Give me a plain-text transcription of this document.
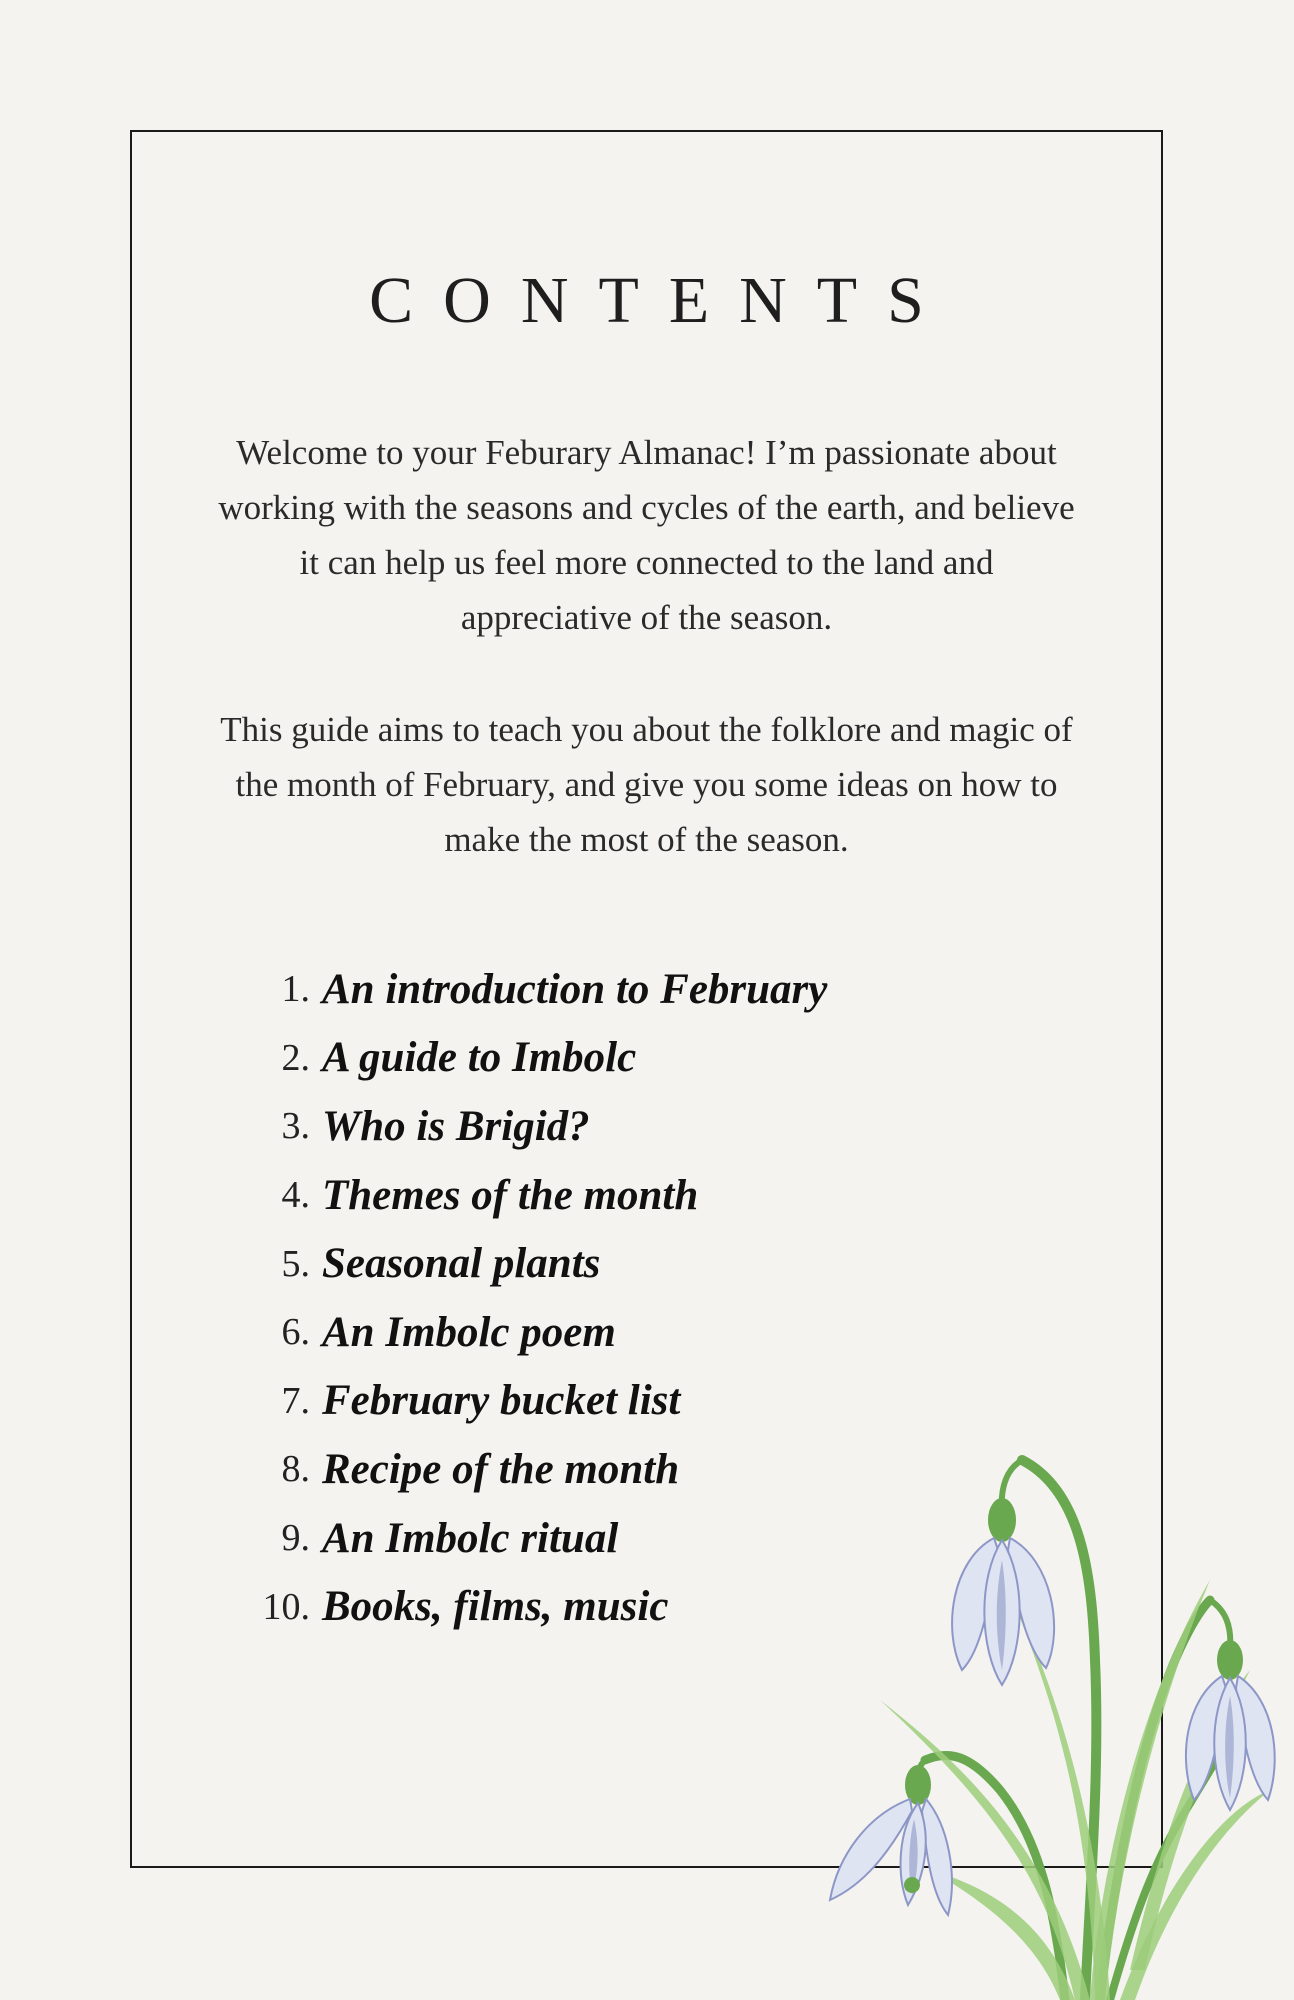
CONTENTS

Welcome to your Feburary Almanac! I’m passionate about working with the seasons and cycles of the earth, and believe it can help us feel more connected to the land and appreciative of the season.

This guide aims to teach you about the folklore and magic of the month of February, and give you some ideas on how to make the most of the season.

1. An introduction to February
2. A guide to Imbolc
3. Who is Brigid?
4. Themes of the month
5. Seasonal plants
6. An Imbolc poem
7. February bucket list
8. Recipe of the month
9. An Imbolc ritual
10. Books, films, music
